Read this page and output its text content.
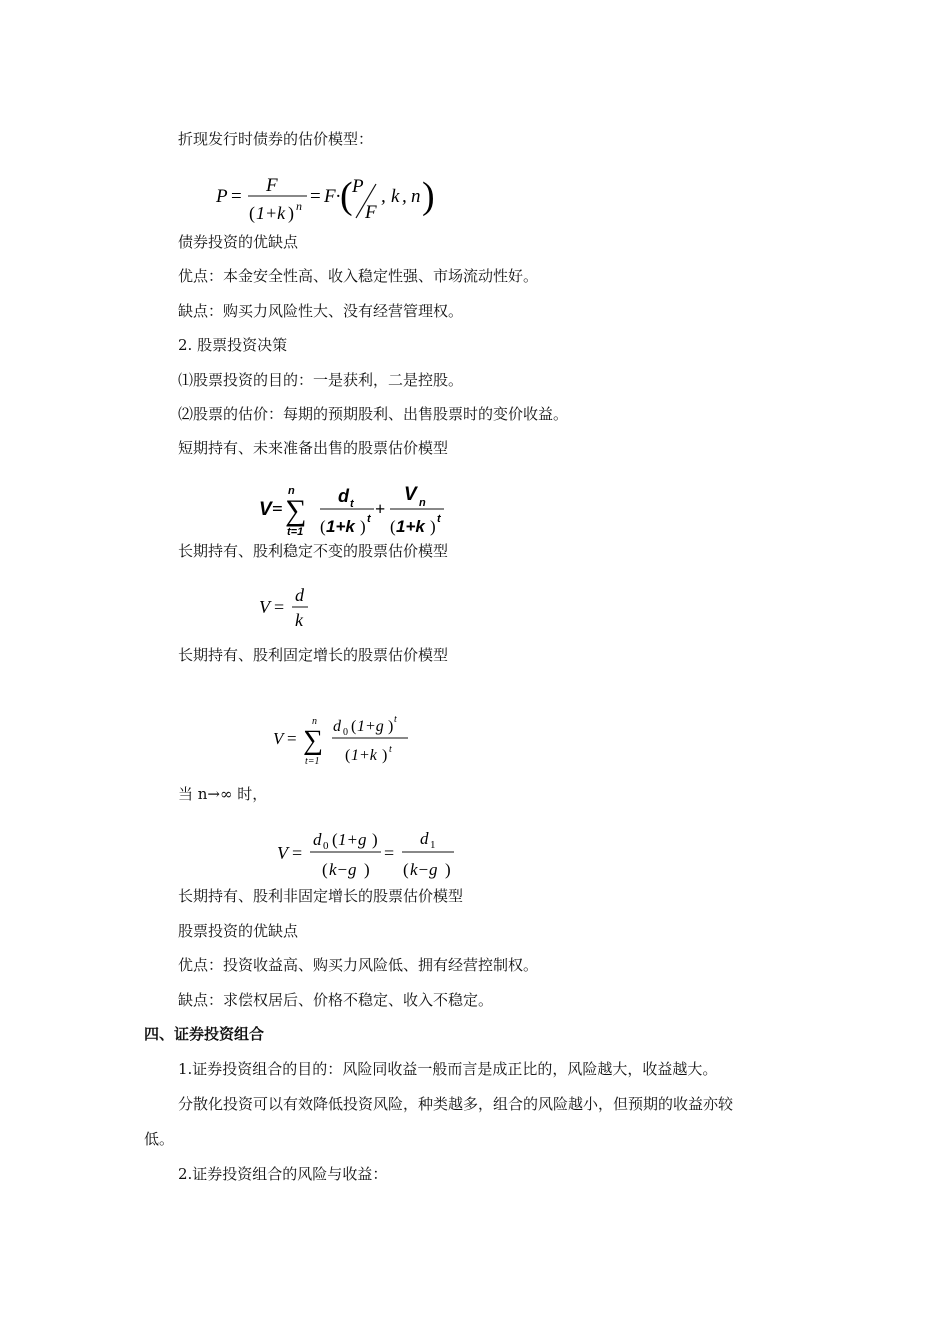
折现发行时债券的估价模型：
P =
F
( 1+k ) n = F· ( P
F
, k , n )
债券投资的优缺点
优点：本金安全性高、收入稳定性强、市场流动性好。
缺点：购买力风险性大、没有经营管理权。
2. 股票投资决策
⑴股票投资的目的：一是获利，二是控股。
⑵股票的估价：每期的预期股利、出售股票时的变价收益。
短期持有、未来准备出售的股票估价模型
V =
n
∑
t=1
d t
( 1+k ) t +
V n
( 1+k ) t
长期持有、股利稳定不变的股票估价模型
V =
d
k
长期持有、股利固定增长的股票估价模型
V =
n
∑
t=1
d 0 ( 1+g ) t
( 1+k ) t
当 n→∞ 时，
V =
d 0 ( 1+g )
( k−g )
=
d 1
( k−g )
长期持有、股利非固定增长的股票估价模型
股票投资的优缺点
优点：投资收益高、购买力风险低、拥有经营控制权。
缺点：求偿权居后、价格不稳定、收入不稳定。
四、证券投资组合
1.证券投资组合的目的：风险同收益一般而言是成正比的，风险越大，收益越大。
分散化投资可以有效降低投资风险，种类越多，组合的风险越小，但预期的收益亦较
低。
2.证券投资组合的风险与收益：
